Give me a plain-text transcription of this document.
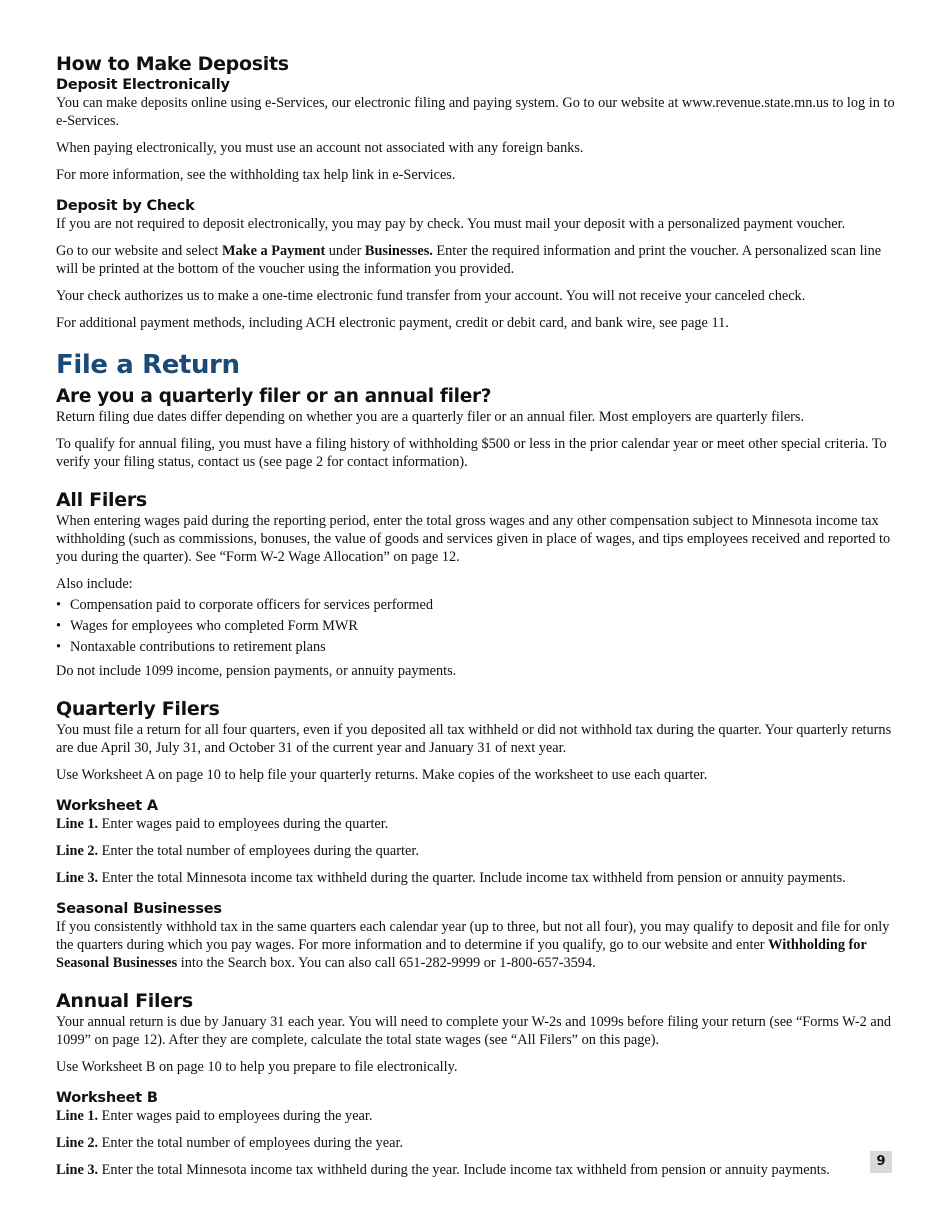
How to Make Deposits
Deposit Electronically

You can make deposits online using e-Services, our electronic filing and paying system. Go to our website at www.revenue.state.mn.us to log in to e-Services.

When paying electronically, you must use an account not associated with any foreign banks.

For more information, see the withholding tax help link in e-Services.

Deposit by Check

If you are not required to deposit electronically, you may pay by check. You must mail your deposit with a personalized payment voucher.

Go to our website and select Make a Payment under Businesses. Enter the required information and print the voucher. A personalized scan line will be printed at the bottom of the voucher using the information you provided.

Your check authorizes us to make a one-time electronic fund transfer from your account. You will not receive your canceled check.

For additional payment methods, including ACH electronic payment, credit or debit card, and bank wire, see page 11.

File a Return
Are you a quarterly filer or an annual filer?

Return filing due dates differ depending on whether you are a quarterly filer or an annual filer. Most employers are quarterly filers.

To qualify for annual filing, you must have a filing history of withholding $500 or less in the prior calendar year or meet other special criteria. To verify your filing status, contact us (see page 2 for contact information).

All Filers

When entering wages paid during the reporting period, enter the total gross wages and any other compensation subject to Minnesota income tax withholding (such as commissions, bonuses, the value of goods and services given in place of wages, and tips employees received and reported to you during the quarter). See “Form W-2 Wage Allocation” on page 12.

Also include:

• Compensation paid to corporate officers for services performed
• Wages for employees who completed Form MWR
• Nontaxable contributions to retirement plans

Do not include 1099 income, pension payments, or annuity payments.

Quarterly Filers

You must file a return for all four quarters, even if you deposited all tax withheld or did not withhold tax during the quarter. Your quarterly returns are due April 30, July 31, and October 31 of the current year and January 31 of next year.

Use Worksheet A on page 10 to help file your quarterly returns. Make copies of the worksheet to use each quarter.

Worksheet A

Line 1. Enter wages paid to employees during the quarter.

Line 2. Enter the total number of employees during the quarter.

Line 3. Enter the total Minnesota income tax withheld during the quarter. Include income tax withheld from pension or annuity payments.

Seasonal Businesses

If you consistently withhold tax in the same quarters each calendar year (up to three, but not all four), you may qualify to deposit and file for only the quarters during which you pay wages. For more information and to determine if you qualify, go to our website and enter Withholding for Seasonal Businesses into the Search box. You can also call 651-282-9999 or 1-800-657-3594.

Annual Filers

Your annual return is due by January 31 each year. You will need to complete your W-2s and 1099s before filing your return (see “Forms W-2 and 1099” on page 12). After they are complete, calculate the total state wages (see “All Filers” on this page).

Use Worksheet B on page 10 to help you prepare to file electronically.

Worksheet B

Line 1. Enter wages paid to employees during the year.

Line 2. Enter the total number of employees during the year.

Line 3. Enter the total Minnesota income tax withheld during the year. Include income tax withheld from pension or annuity payments.

9
